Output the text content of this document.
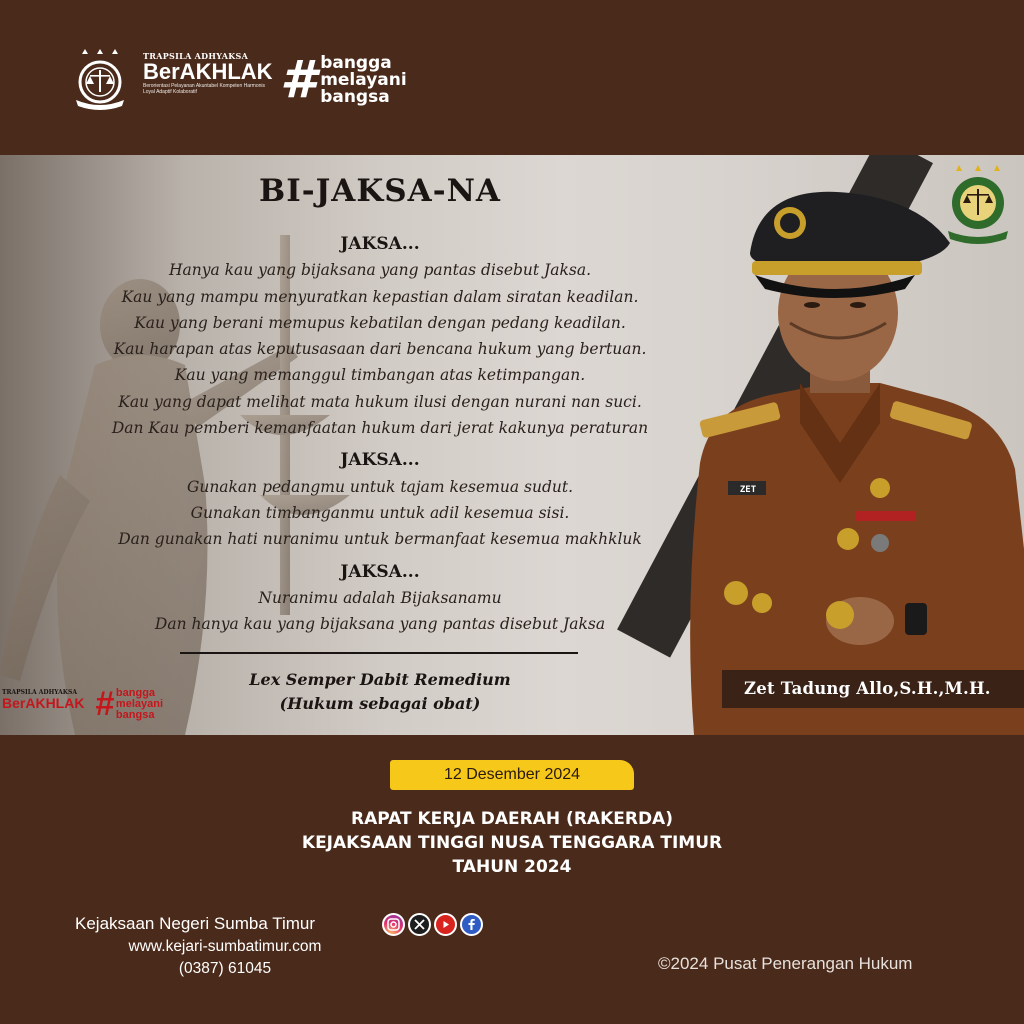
TRAPSILA ADHYAKSA
BerAKHLAK
Berorientasi Pelayanan Akuntabel Kompeten Harmonis Loyal Adaptif Kolaboratif	# bangga
melayani
bangsa
BI-JAKSA-NA
JAKSA...
Hanya kau yang bijaksana yang pantas disebut Jaksa.
Kau yang mampu menyuratkan kepastian dalam siratan keadilan.
Kau yang berani memupus kebatilan dengan pedang keadilan.
Kau harapan atas keputusasaan dari bencana hukum yang bertuan.
Kau yang memanggul timbangan atas ketimpangan.
Kau yang dapat melihat mata hukum ilusi dengan nurani nan suci.
Dan Kau pemberi kemanfaatan hukum dari jerat kakunya peraturan
JAKSA...
Gunakan pedangmu untuk tajam kesemua sudut.
Gunakan timbanganmu untuk adil kesemua sisi.
Dan gunakan hati nuranimu untuk bermanfaat kesemua makhkluk
JAKSA...
Nuranimu adalah Bijaksanamu
Dan hanya kau yang bijaksana yang pantas disebut Jaksa
Lex Semper Dabit Remedium
(Hukum sebagai obat)
TRAPSILA ADHYAKSA
BerAKHLAK # bangga
melayani
bangsa
ZET
Zet Tadung Allo,S.H.,M.H.
12 Desember 2024
RAPAT KERJA DAERAH (RAKERDA)
KEJAKSAAN TINGGI NUSA TENGGARA TIMUR
TAHUN 2024
Kejaksaan Negeri Sumba Timur
www.kejari-sumbatimur.com
(0387) 61045	©2024 Pusat Penerangan Hukum
